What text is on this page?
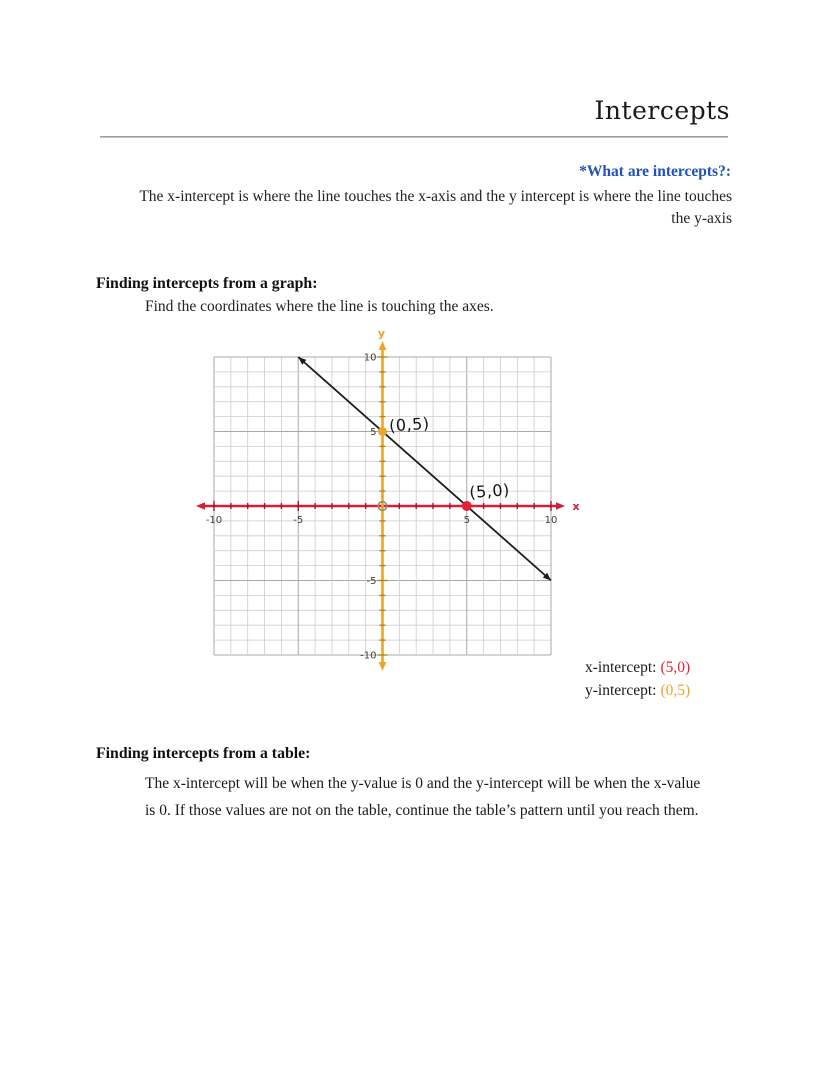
Intercepts
*What are intercepts?:
The x-intercept is where the line touches the x-axis and the y intercept is where the line touches
the y-axis
Finding intercepts from a graph:
Find the coordinates where the line is touching the axes.
x
-10	-5	5	10
y
-10
-5
5
10
(0,5)
(5,0)
x-intercept: (5,0)
y-intercept: (0,5)
Finding intercepts from a table:
The x-intercept will be when the y-value is 0 and the y-intercept will be when the x-value
is 0. If those values are not on the table, continue the table’s pattern until you reach them.
